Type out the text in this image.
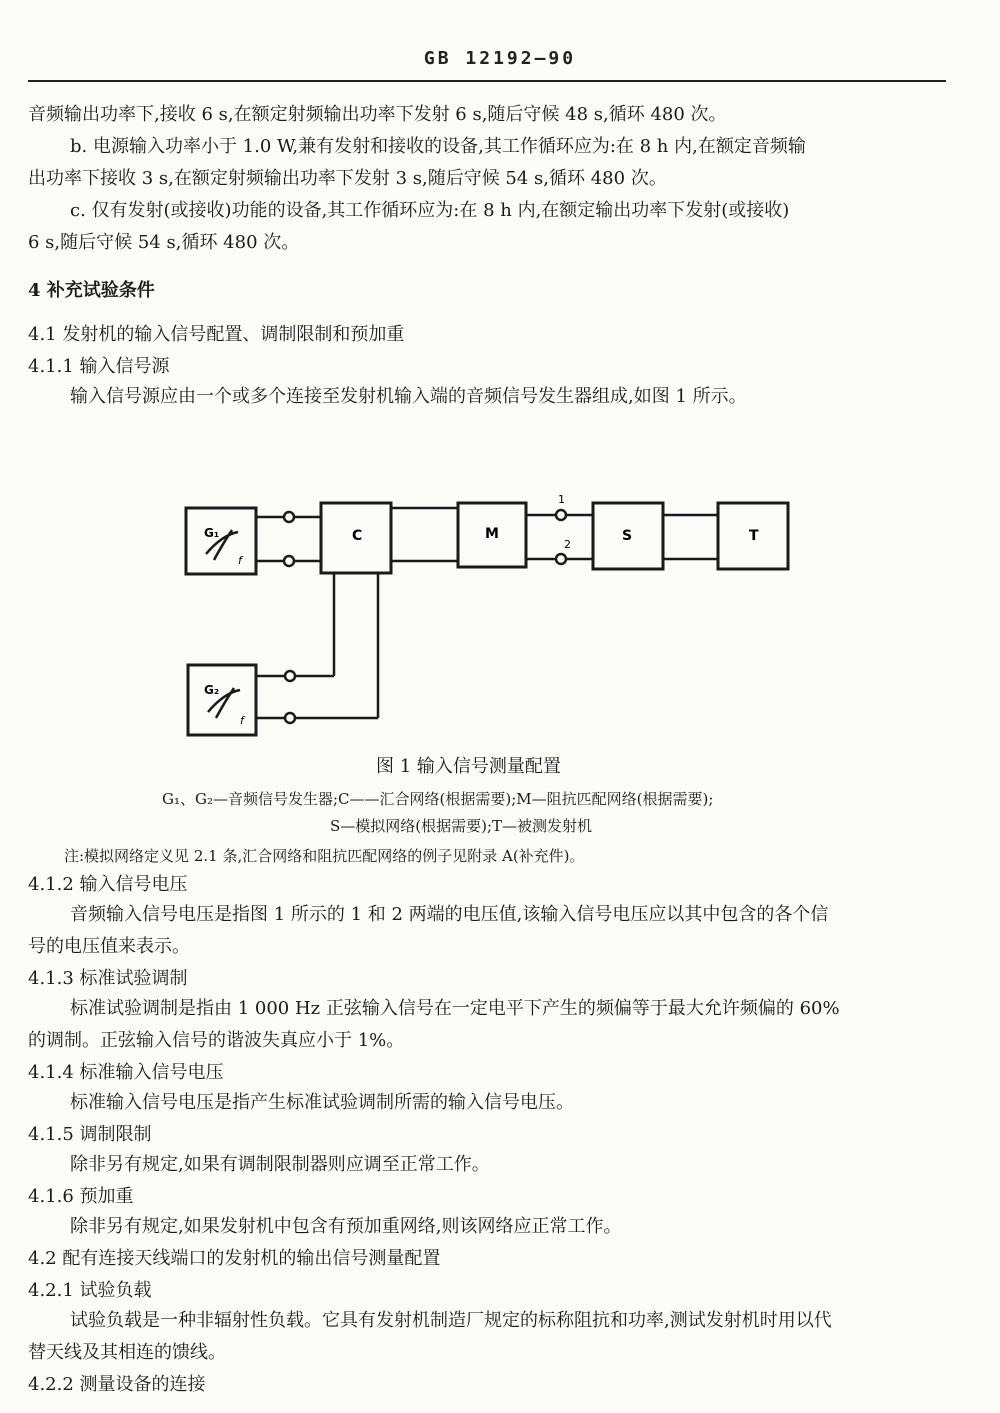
GB 12192—90
音频输出功率下,接收 6 s,在额定射频输出功率下发射 6 s,随后守候 48 s,循环 480 次。
b. 电源输入功率小于 1.0 W,兼有发射和接收的设备,其工作循环应为:在 8 h 内,在额定音频输
出功率下接收 3 s,在额定射频输出功率下发射 3 s,随后守候 54 s,循环 480 次。
c. 仅有发射(或接收)功能的设备,其工作循环应为:在 8 h 内,在额定输出功率下发射(或接收)
6 s,随后守候 54 s,循环 480 次。
4 补充试验条件
4.1 发射机的输入信号配置、调制限制和预加重
4.1.1 输入信号源
输入信号源应由一个或多个连接至发射机输入端的音频信号发生器组成,如图 1 所示。
G₁
f
G₂
f
C	M	S	T
1
2
图 1 输入信号测量配置
G₁、G₂—音频信号发生器;C——汇合网络(根据需要);M—阻抗匹配网络(根据需要);
S—模拟网络(根据需要);T—被测发射机
注:模拟网络定义见 2.1 条,汇合网络和阻抗匹配网络的例子见附录 A(补充件)。
4.1.2 输入信号电压
音频输入信号电压是指图 1 所示的 1 和 2 两端的电压值,该输入信号电压应以其中包含的各个信
号的电压值来表示。
4.1.3 标准试验调制
标准试验调制是指由 1 000 Hz 正弦输入信号在一定电平下产生的频偏等于最大允许频偏的 60%
的调制。正弦输入信号的谐波失真应小于 1%。
4.1.4 标准输入信号电压
标准输入信号电压是指产生标准试验调制所需的输入信号电压。
4.1.5 调制限制
除非另有规定,如果有调制限制器则应调至正常工作。
4.1.6 预加重
除非另有规定,如果发射机中包含有预加重网络,则该网络应正常工作。
4.2 配有连接天线端口的发射机的输出信号测量配置
4.2.1 试验负载
试验负载是一种非辐射性负载。它具有发射机制造厂规定的标称阻抗和功率,测试发射机时用以代
替天线及其相连的馈线。
4.2.2 测量设备的连接
